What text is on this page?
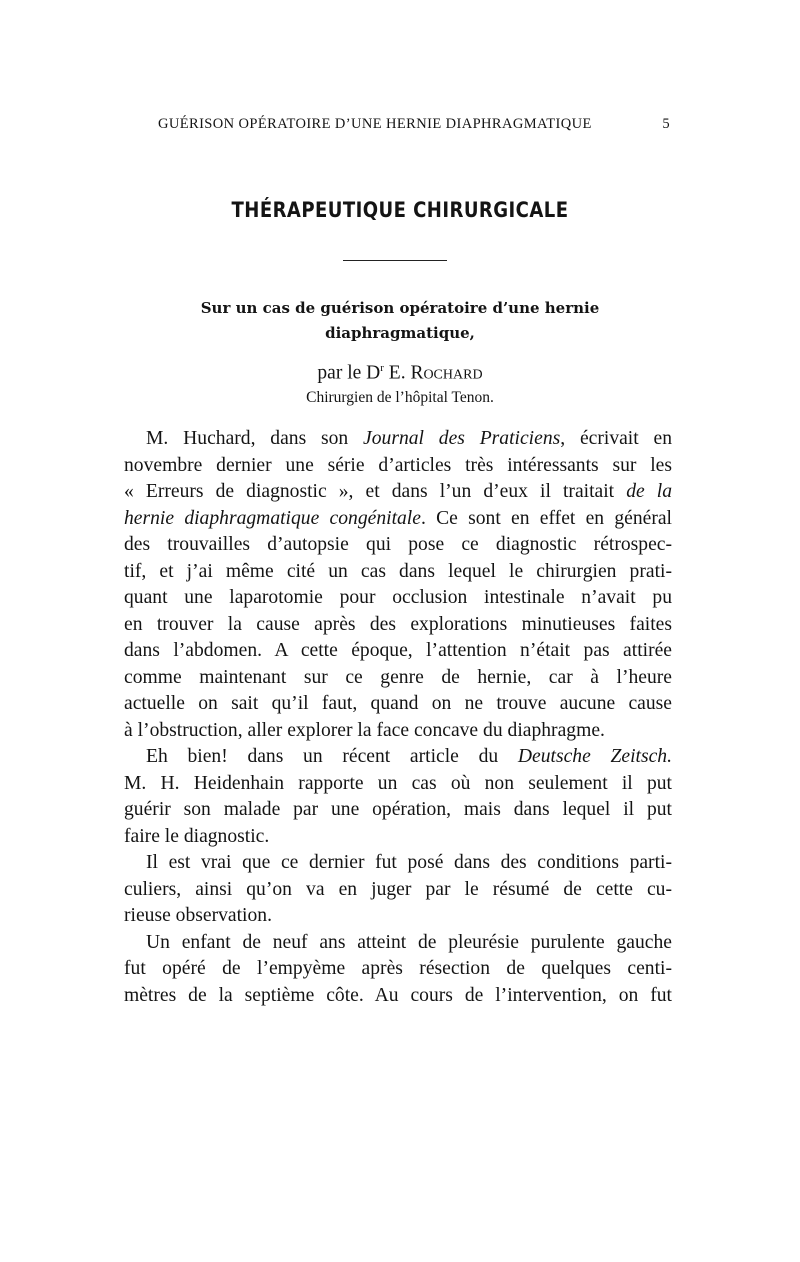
GUÉRISON OPÉRATOIRE D’UNE HERNIE DIAPHRAGMATIQUE	5
THÉRAPEUTIQUE CHIRURGICALE
Sur un cas de guérison opératoire d’une hernie
diaphragmatique,
par le $D^r$ E. Rochard
Chirurgien de l’hôpital Tenon.
M. Huchard, dans son Journal des Praticiens, écrivait en
novembre dernier une série d’articles très intéressants sur les
« Erreurs de diagnostic », et dans l’un d’eux il traitait de la
hernie diaphragmatique congénitale. Ce sont en effet en général
des trouvailles d’autopsie qui pose ce diagnostic rétrospec-
tif, et j’ai même cité un cas dans lequel le chirurgien prati-
quant une laparotomie pour occlusion intestinale n’avait pu
en trouver la cause après des explorations minutieuses faites
dans l’abdomen. A cette époque, l’attention n’était pas attirée
comme maintenant sur ce genre de hernie, car à l’heure
actuelle on sait qu’il faut, quand on ne trouve aucune cause
à l’obstruction, aller explorer la face concave du diaphragme.
Eh bien! dans un récent article du Deutsche Zeitsch.
M. H. Heidenhain rapporte un cas où non seulement il put
guérir son malade par une opération, mais dans lequel il put
faire le diagnostic.
Il est vrai que ce dernier fut posé dans des conditions parti-
culiers, ainsi qu’on va en juger par le résumé de cette cu-
rieuse observation.
Un enfant de neuf ans atteint de pleurésie purulente gauche
fut opéré de l’empyème après résection de quelques centi-
mètres de la septième côte. Au cours de l’intervention, on fut
